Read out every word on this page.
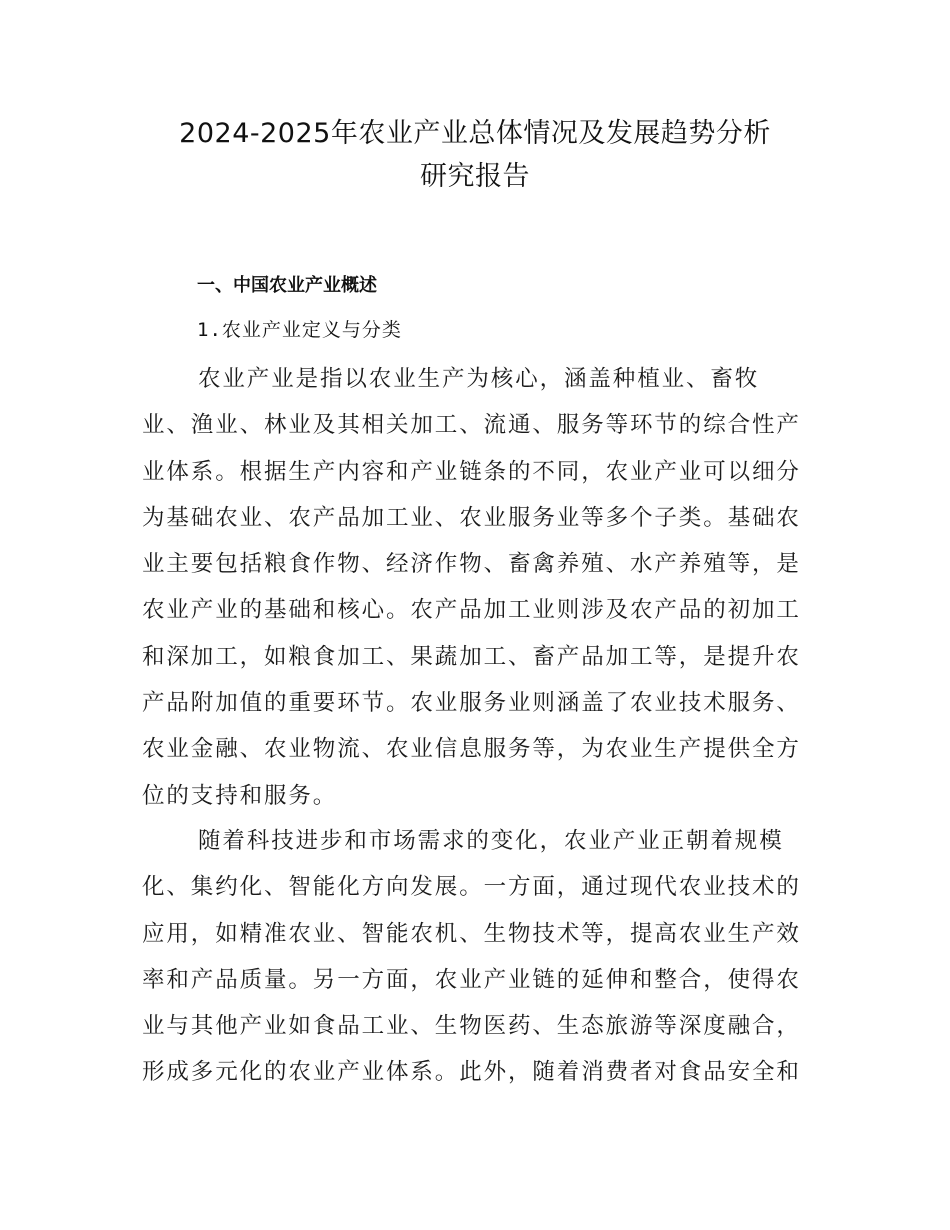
2024-2025年农业产业总体情况及发展趋势分析
研究报告
一、中国农业产业概述
1.农业产业定义与分类
农业产业是指以农业生产为核心，涵盖种植业、畜牧
业、渔业、林业及其相关加工、流通、服务等环节的综合性产
业体系。根据生产内容和产业链条的不同，农业产业可以细分
为基础农业、农产品加工业、农业服务业等多个子类。基础农
业主要包括粮食作物、经济作物、畜禽养殖、水产养殖等，是
农业产业的基础和核心。农产品加工业则涉及农产品的初加工
和深加工，如粮食加工、果蔬加工、畜产品加工等，是提升农
产品附加值的重要环节。农业服务业则涵盖了农业技术服务、
农业金融、农业物流、农业信息服务等，为农业生产提供全方
位的支持和服务。
随着科技进步和市场需求的变化，农业产业正朝着规模
化、集约化、智能化方向发展。一方面，通过现代农业技术的
应用，如精准农业、智能农机、生物技术等，提高农业生产效
率和产品质量。另一方面，农业产业链的延伸和整合，使得农
业与其他产业如食品工业、生物医药、生态旅游等深度融合，
形成多元化的农业产业体系。此外，随着消费者对食品安全和
